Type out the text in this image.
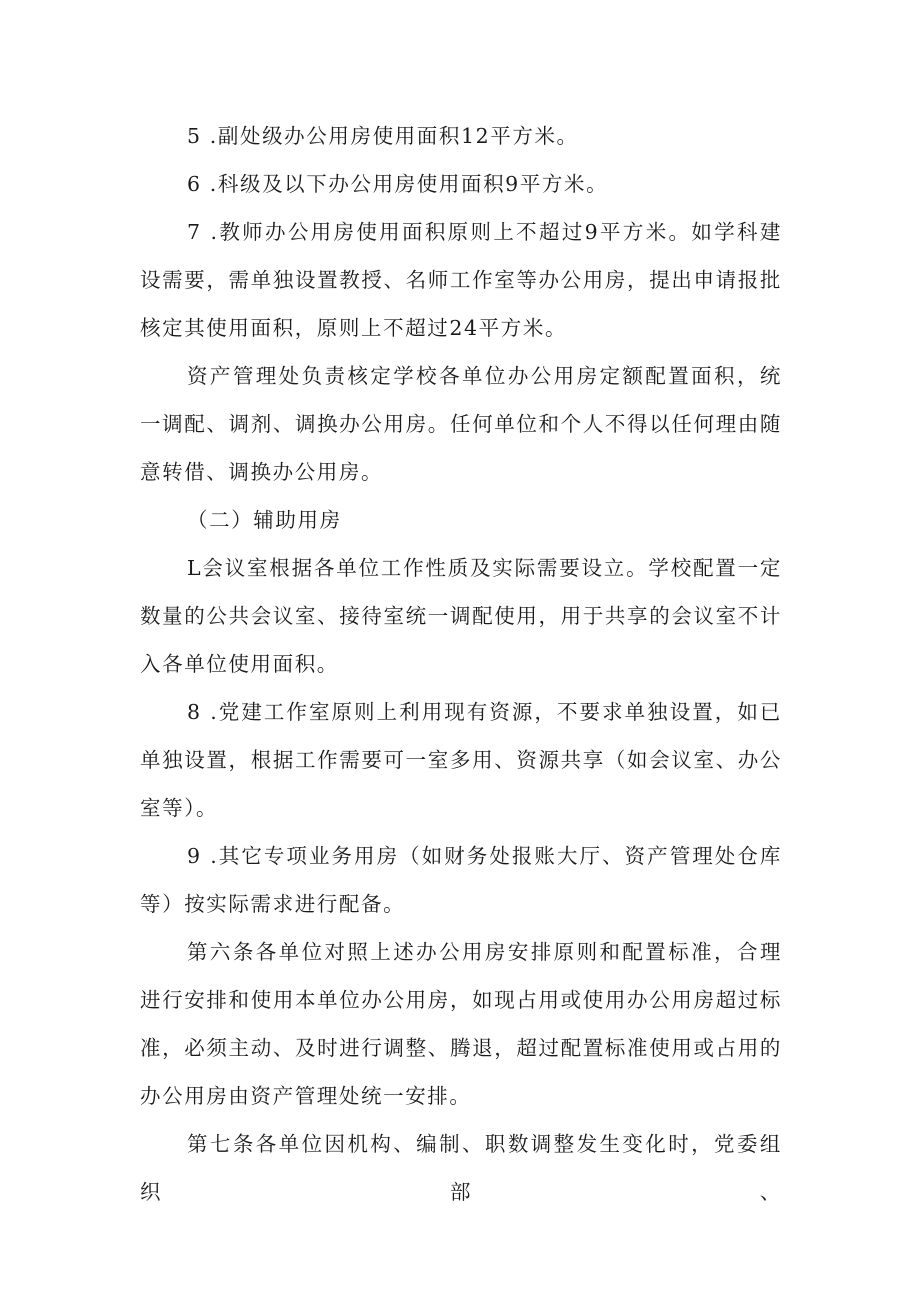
5 .副处级办公用房使用面积12平方米。

6 .科级及以下办公用房使用面积9平方米。

7 .教师办公用房使用面积原则上不超过9平方米。如学科建设需要，需单独设置教授、名师工作室等办公用房，提出申请报批核定其使用面积，原则上不超过24平方米。

资产管理处负责核定学校各单位办公用房定额配置面积，统一调配、调剂、调换办公用房。任何单位和个人不得以任何理由随意转借、调换办公用房。

（二）辅助用房

L会议室根据各单位工作性质及实际需要设立。学校配置一定数量的公共会议室、接待室统一调配使用，用于共享的会议室不计入各单位使用面积。

8 .党建工作室原则上利用现有资源，不要求单独设置，如已单独设置，根据工作需要可一室多用、资源共享（如会议室、办公室等）。

9 .其它专项业务用房（如财务处报账大厅、资产管理处仓库等）按实际需求进行配备。

第六条各单位对照上述办公用房安排原则和配置标准，合理进行安排和使用本单位办公用房，如现占用或使用办公用房超过标准，必须主动、及时进行调整、腾退，超过配置标准使用或占用的办公用房由资产管理处统一安排。

第七条各单位因机构、编制、职数调整发生变化时，党委组织部、
